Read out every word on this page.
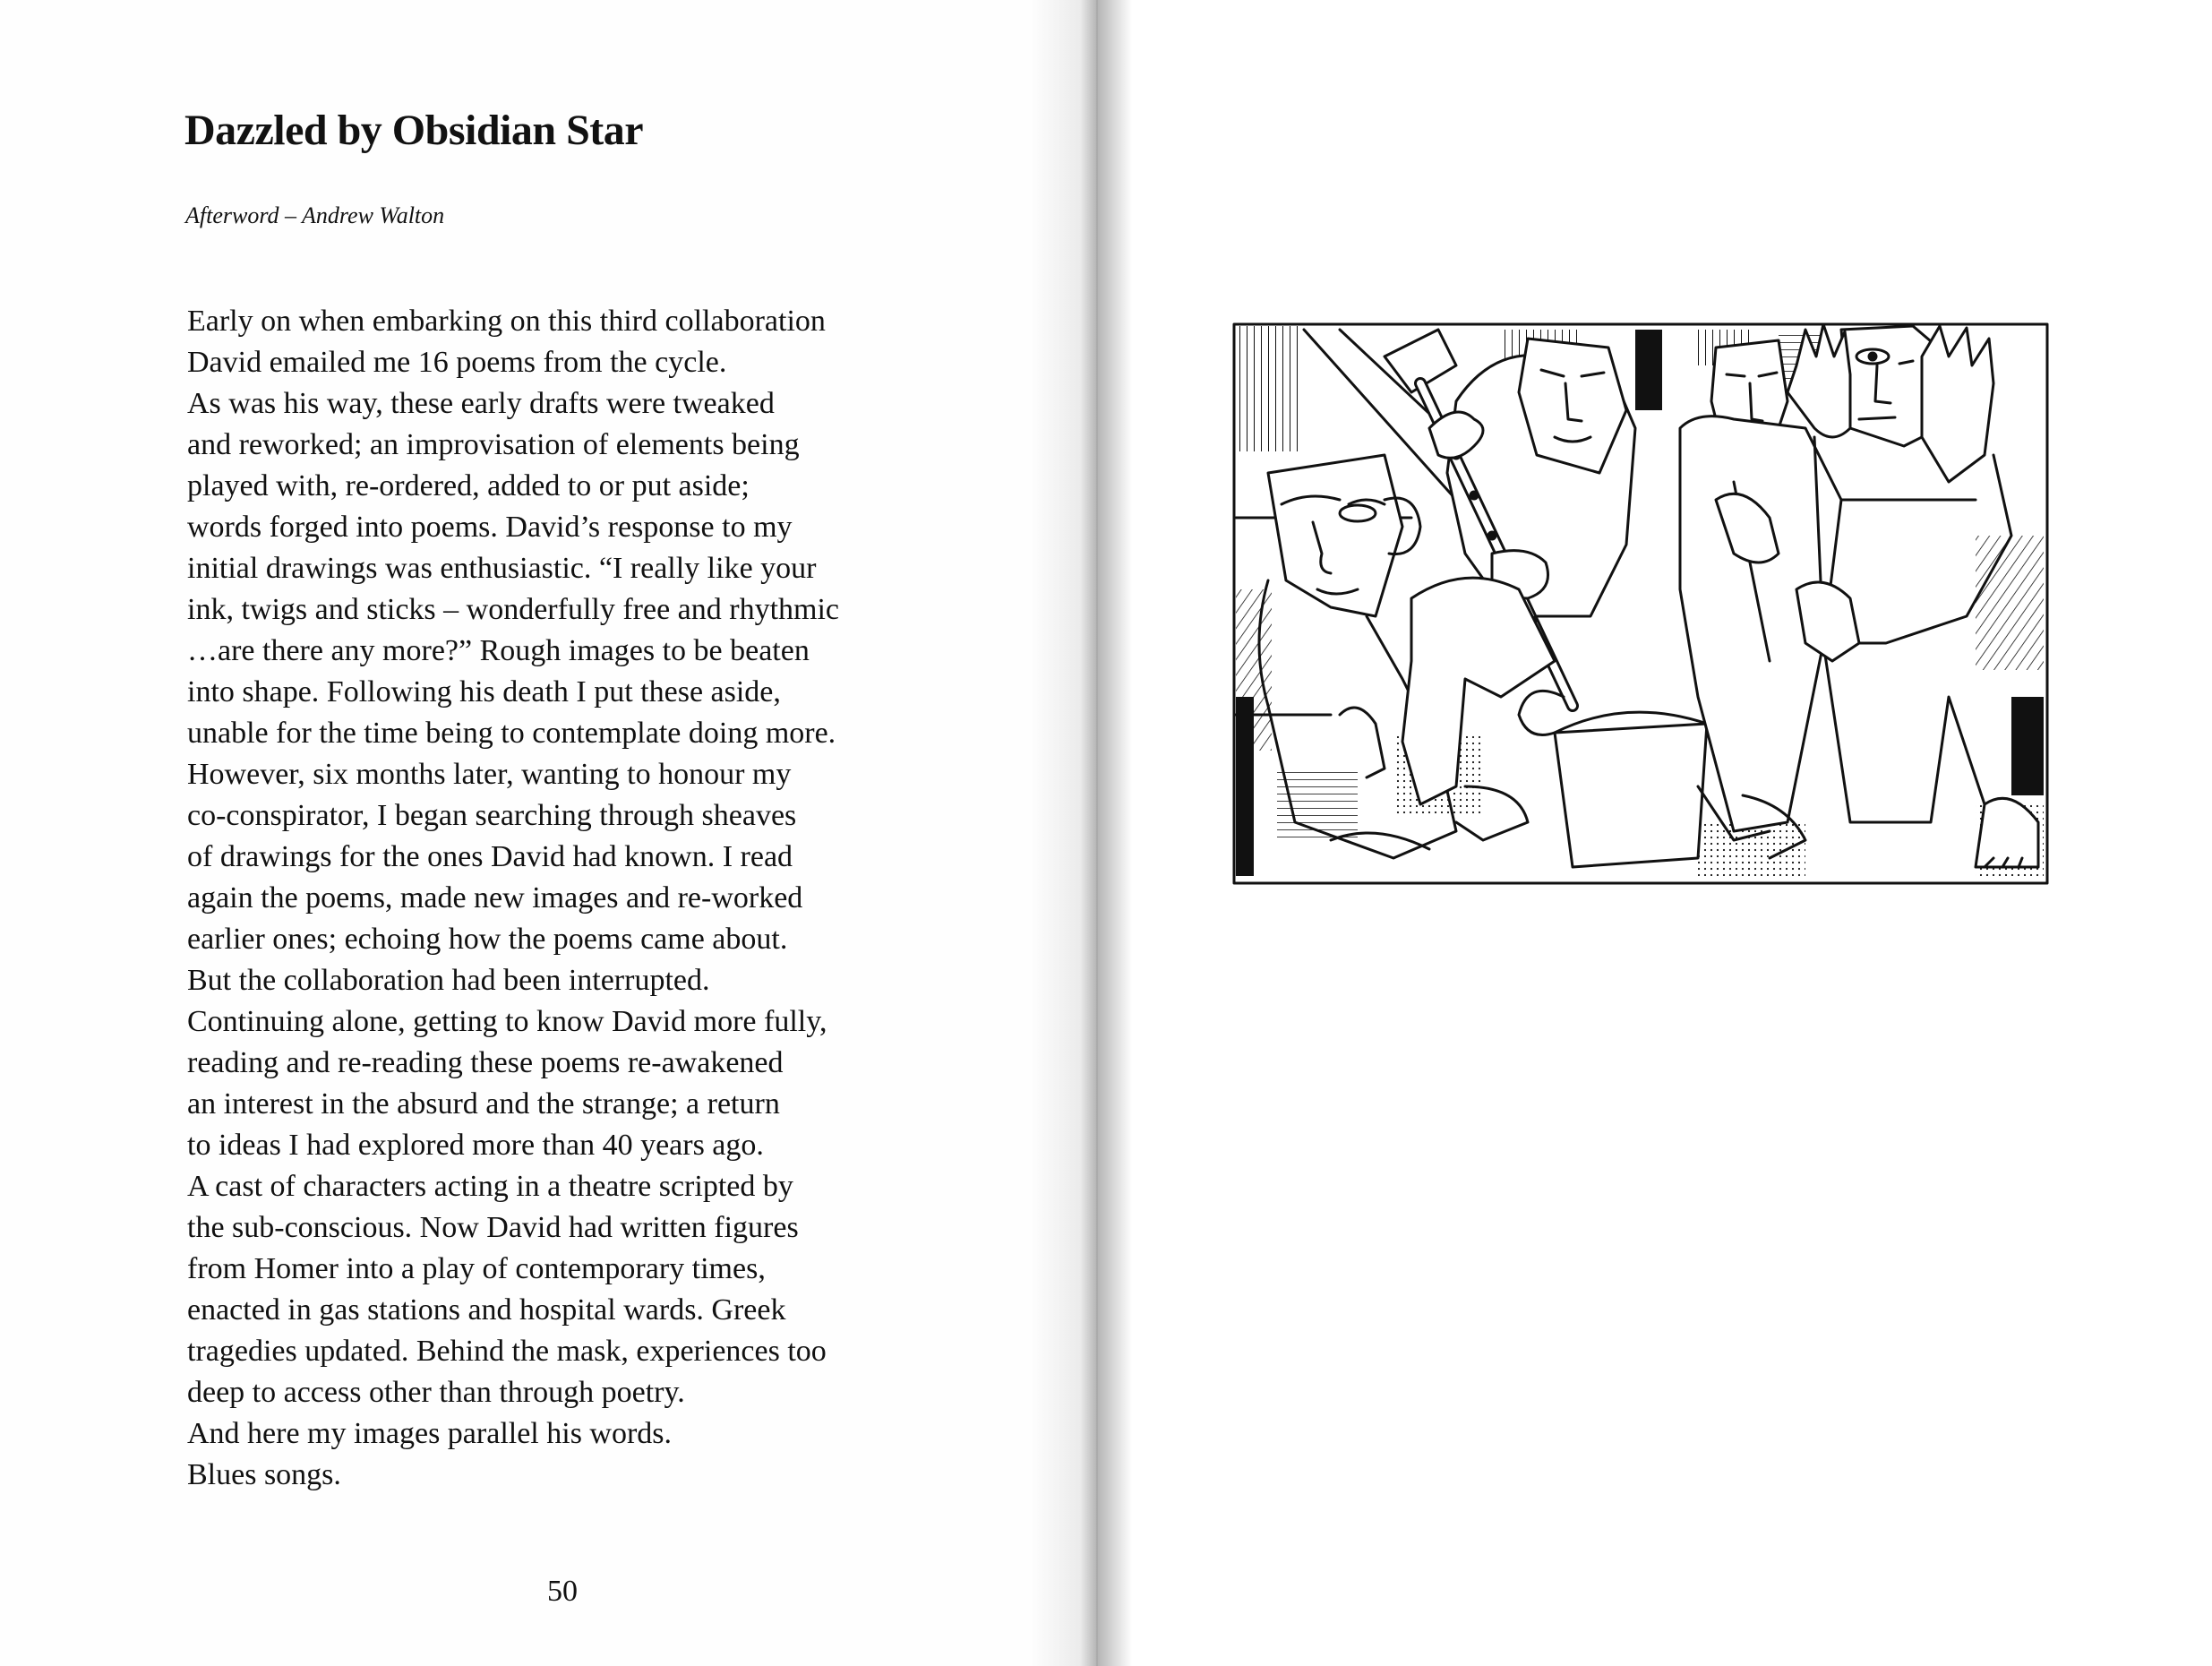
Dazzled by Obsidian Star

Afterword – Andrew Walton

Early on when embarking on this third collaboration
David emailed me 16 poems from the cycle.
As was his way, these early drafts were tweaked
and reworked; an improvisation of elements being
played with, re-ordered, added to or put aside;
words forged into poems. David’s response to my
initial drawings was enthusiastic. “I really like your
ink, twigs and sticks – wonderfully free and rhythmic
…are there any more?” Rough images to be beaten
into shape. Following his death I put these aside,
unable for the time being to contemplate doing more.
However, six months later, wanting to honour my
co-conspirator, I began searching through sheaves
of drawings for the ones David had known. I read
again the poems, made new images and re-worked
earlier ones; echoing how the poems came about.
But the collaboration had been interrupted.
Continuing alone, getting to know David more fully,
reading and re-reading these poems re-awakened
an interest in the absurd and the strange; a return
to ideas I had explored more than 40 years ago.
A cast of characters acting in a theatre scripted by
the sub-conscious. Now David had written figures
from Homer into a play of contemporary times,
enacted in gas stations and hospital wards. Greek
tragedies updated. Behind the mask, experiences too
deep to access other than through poetry.
And here my images parallel his words.
Blues songs.
50
